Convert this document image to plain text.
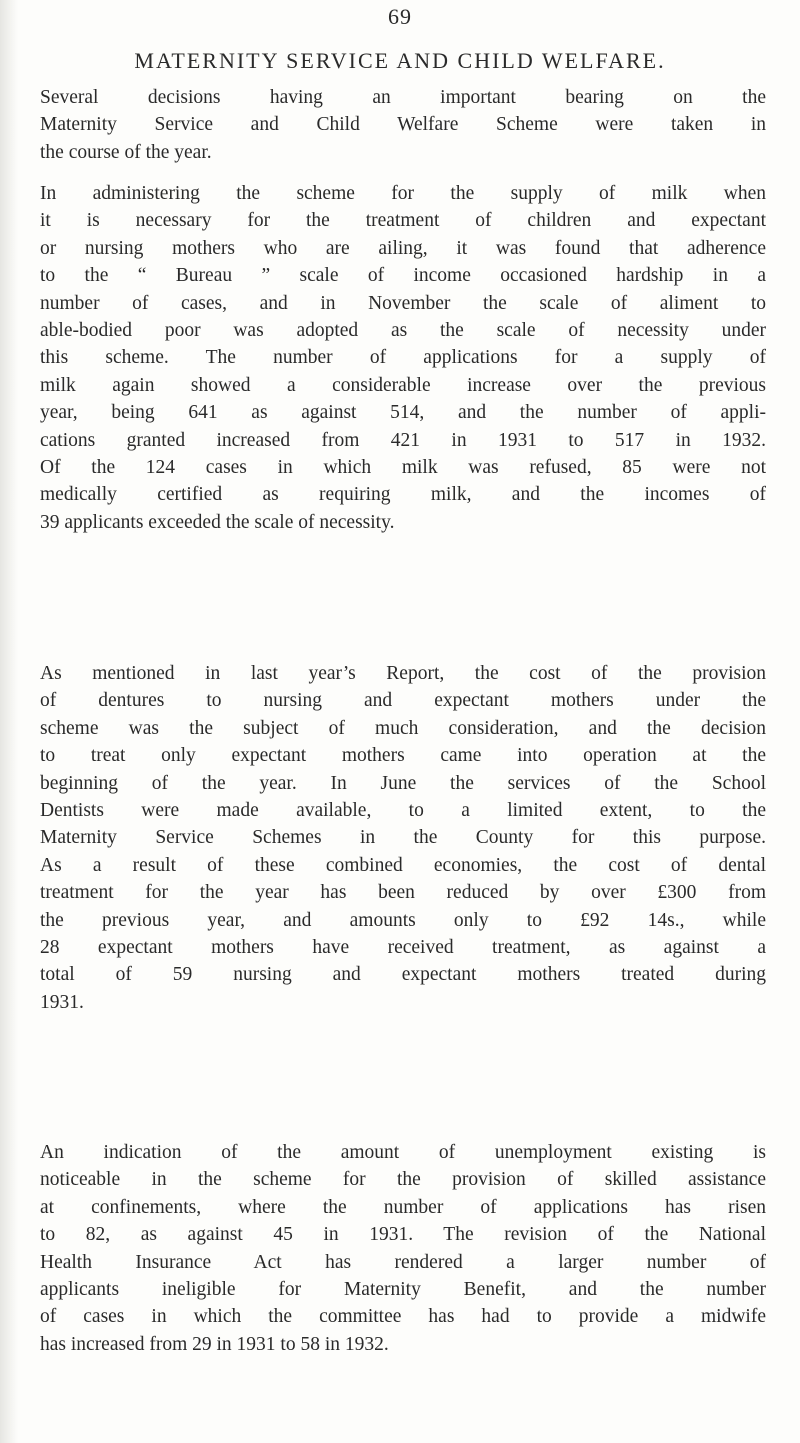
69
MATERNITY SERVICE AND CHILD WELFARE.
Several decisions having an important bearing on the
Maternity Service and Child Welfare Scheme were taken in
the course of the year.
In administering the scheme for the supply of milk when
it is necessary for the treatment of children and expectant
or nursing mothers who are ailing, it was found that adherence
to the “ Bureau ” scale of income occasioned hardship in a
number of cases, and in November the scale of aliment to
able-bodied poor was adopted as the scale of necessity under
this scheme. The number of applications for a supply of
milk again showed a considerable increase over the previous
year, being 641 as against 514, and the number of appli-
cations granted increased from 421 in 1931 to 517 in 1932.
Of the 124 cases in which milk was refused, 85 were not
medically certified as requiring milk, and the incomes of
39 applicants exceeded the scale of necessity.
As mentioned in last year’s Report, the cost of the provision
of dentures to nursing and expectant mothers under the
scheme was the subject of much consideration, and the decision
to treat only expectant mothers came into operation at the
beginning of the year. In June the services of the School
Dentists were made available, to a limited extent, to the
Maternity Service Schemes in the County for this purpose.
As a result of these combined economies, the cost of dental
treatment for the year has been reduced by over £300 from
the previous year, and amounts only to £92 14s., while
28 expectant mothers have received treatment, as against a
total of 59 nursing and expectant mothers treated during
1931.
An indication of the amount of unemployment existing is
noticeable in the scheme for the provision of skilled assistance
at confinements, where the number of applications has risen
to 82, as against 45 in 1931. The revision of the National
Health Insurance Act has rendered a larger number of
applicants ineligible for Maternity Benefit, and the number
of cases in which the committee has had to provide a midwife
has increased from 29 in 1931 to 58 in 1932.
